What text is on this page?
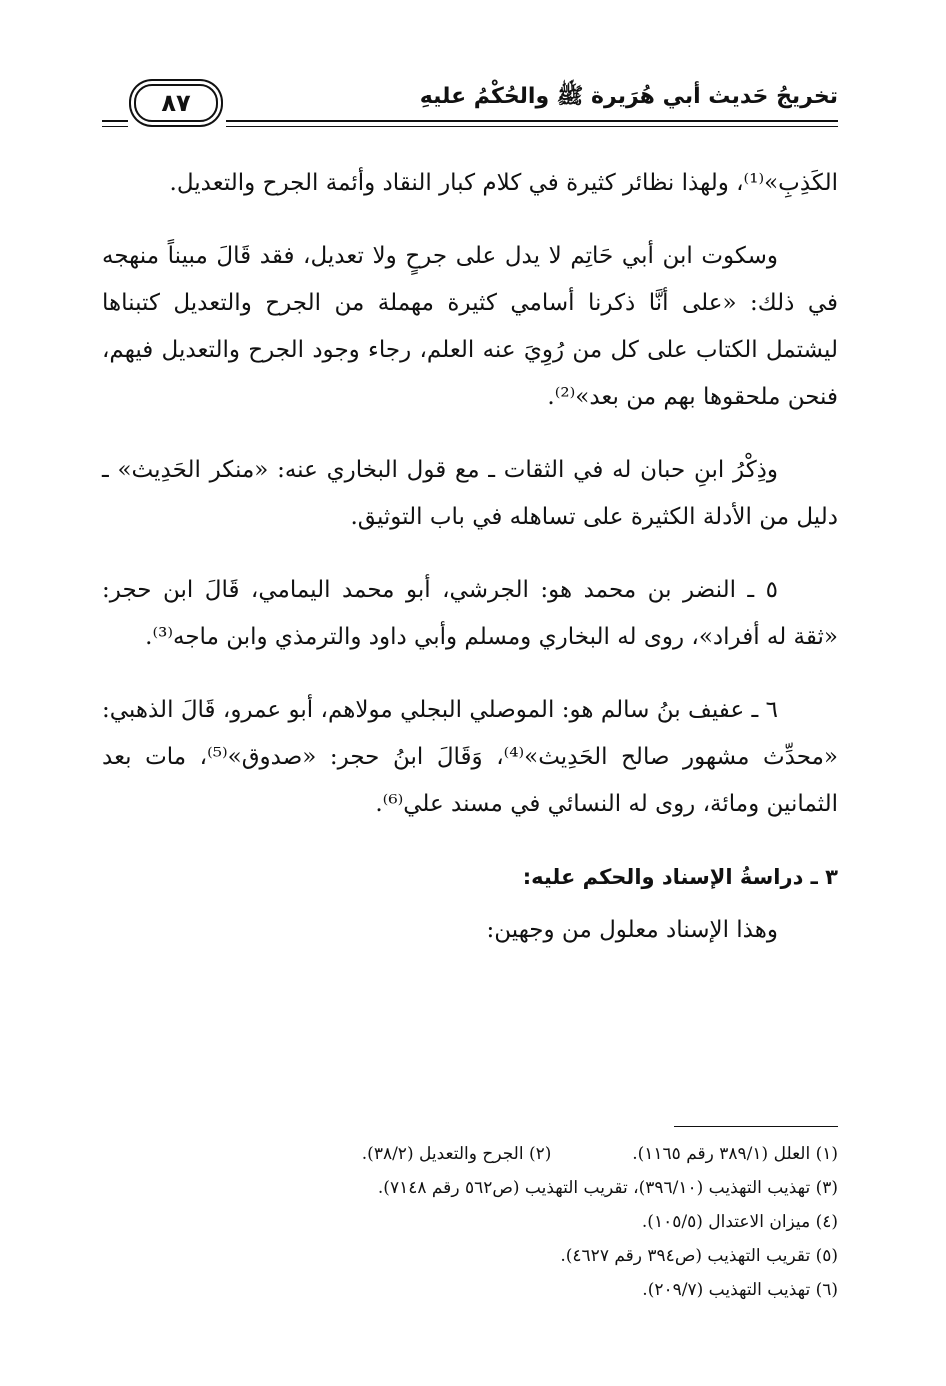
تخريجُ حَديث أبي هُرَيرة ﷺ والحُكْمُ عليهِ
٨٧

الكَذِبِ»⁽¹⁾، ولهذا نظائر كثيرة في كلام كبار النقاد وأئمة الجرح والتعديل.

وسكوت ابن أبي حَاتِم لا يدل على جرحٍ ولا تعديل، فقد قَالَ مبيناً منهجه في ذلك: «على أنَّا ذكرنا أسامي كثيرة مهملة من الجرح والتعديل كتبناها ليشتمل الكتاب على كل من رُوِيَ عنه العلم، رجاء وجود الجرح والتعديل فيهم، فنحن ملحقوها بهم من بعد»⁽²⁾.

وذِكْرُ ابنِ حبان له في الثقات ـ مع قول البخاري عنه: «منكر الحَدِيث» ـ دليل من الأدلة الكثيرة على تساهله في باب التوثيق.

٥ ـ النضر بن محمد هو: الجرشي، أبو محمد اليمامي، قَالَ ابن حجر: «ثقة له أفراد»، روى له البخاري ومسلم وأبي داود والترمذي وابن ماجه⁽³⁾.

٦ ـ عفيف بنُ سالم هو: الموصلي البجلي مولاهم، أبو عمرو، قَالَ الذهبي: «محدِّث مشهور صالح الحَدِيث»⁽⁴⁾، وَقَالَ ابنُ حجر: «صدوق»⁽⁵⁾، مات بعد الثمانين ومائة، روى له النسائي في مسند علي⁽⁶⁾.

٣ ـ دراسةُ الإسناد والحكم عليه:

وهذا الإسناد معلول من وجهين:

(١) العلل (٣٨٩/١ رقم ١١٦٥).  (٢) الجرح والتعديل (٣٨/٢).
(٣) تهذيب التهذيب (٣٩٦/١٠)، تقريب التهذيب (ص٥٦٢ رقم ٧١٤٨).
(٤) ميزان الاعتدال (١٠٥/٥).
(٥) تقريب التهذيب (ص٣٩٤ رقم ٤٦٢٧).
(٦) تهذيب التهذيب (٢٠٩/٧).
